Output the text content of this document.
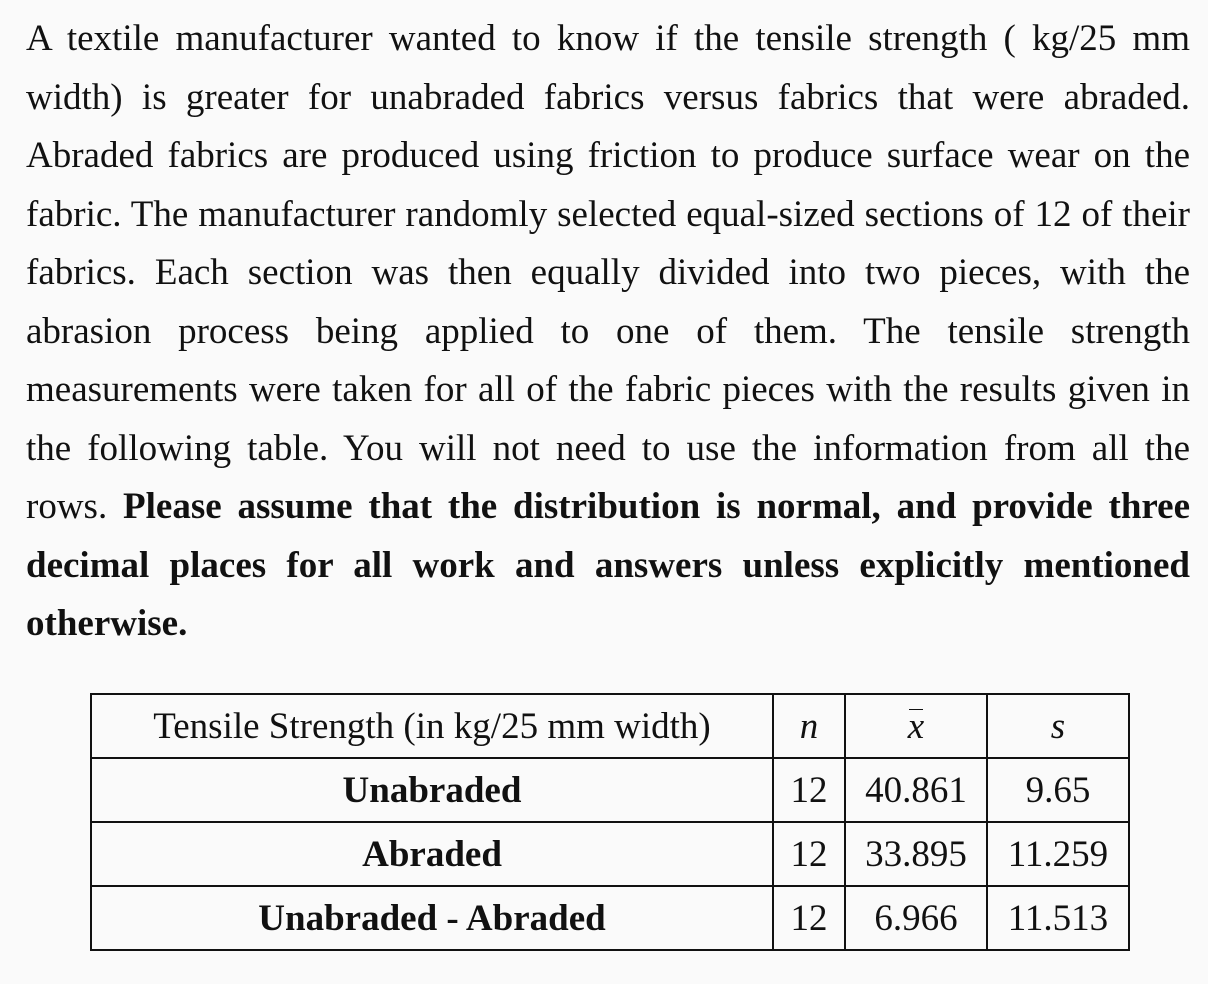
A textile manufacturer wanted to know if the tensile strength ( kg/25 mm width) is greater for unabraded fabrics versus fabrics that were abraded. Abraded fabrics are produced using friction to produce surface wear on the fabric. The manufacturer randomly selected equal-sized sections of 12 of their fabrics. Each section was then equally divided into two pieces, with the abrasion process being applied to one of them. The tensile strength measurements were taken for all of the fabric pieces with the results given in the following table. You will not need to use the information from all the rows. Please assume that the distribution is normal, and provide three decimal places for all work and answers unless explicitly mentioned otherwise.
Tensile Strength (in kg/25 mm width)	n	x	s
Unabraded	12	40.861	9.65
Abraded	12	33.895	11.259
Unabraded - Abraded	12	6.966	11.513
